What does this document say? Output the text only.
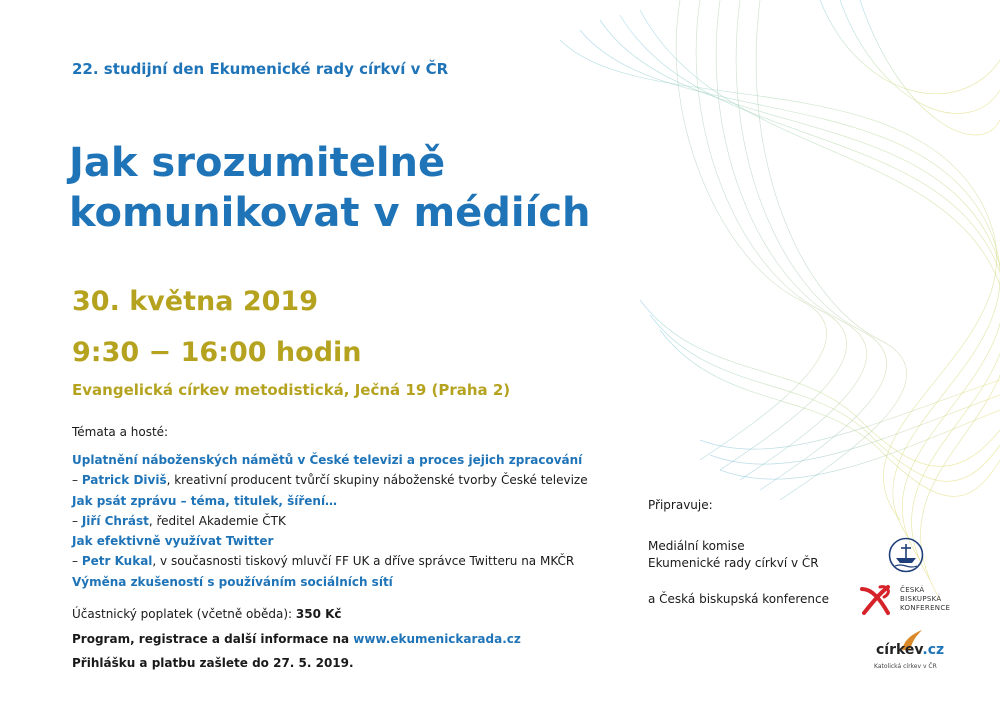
22. studijní den Ekumenické rady církví v ČR
Jak srozumitelně
komunikovat v médiích
30. května 2019
9:30 − 16:00 hodin
Evangelická církev metodistická, Ječná 19 (Praha 2)
Témata a hosté:
Uplatnění náboženských námětů v České televizi a proces jejich zpracování
– Patrick Diviš, kreativní producent tvůrčí skupiny náboženské tvorby České televize
Jak psát zprávu – téma, titulek, šíření…
– Jiří Chrást, ředitel Akademie ČTK
Jak efektivně využívat Twitter
– Petr Kukal, v současnosti tiskový mluvčí FF UK a dříve správce Twitteru na MKČR
Výměna zkušeností s používáním sociálních sítí
Účastnický poplatek (včetně oběda): 350 Kč
Program, registrace a další informace na www.ekumenickarada.cz
Přihlášku a platbu zašlete do 27. 5. 2019.
Připravuje:
Mediální komise
Ekumenické rady církví v ČR
a Česká biskupská konference
ČESKÁ
BISKUPSKÁ
KONFERENCE
církev.cz
Katolická církev v ČR
